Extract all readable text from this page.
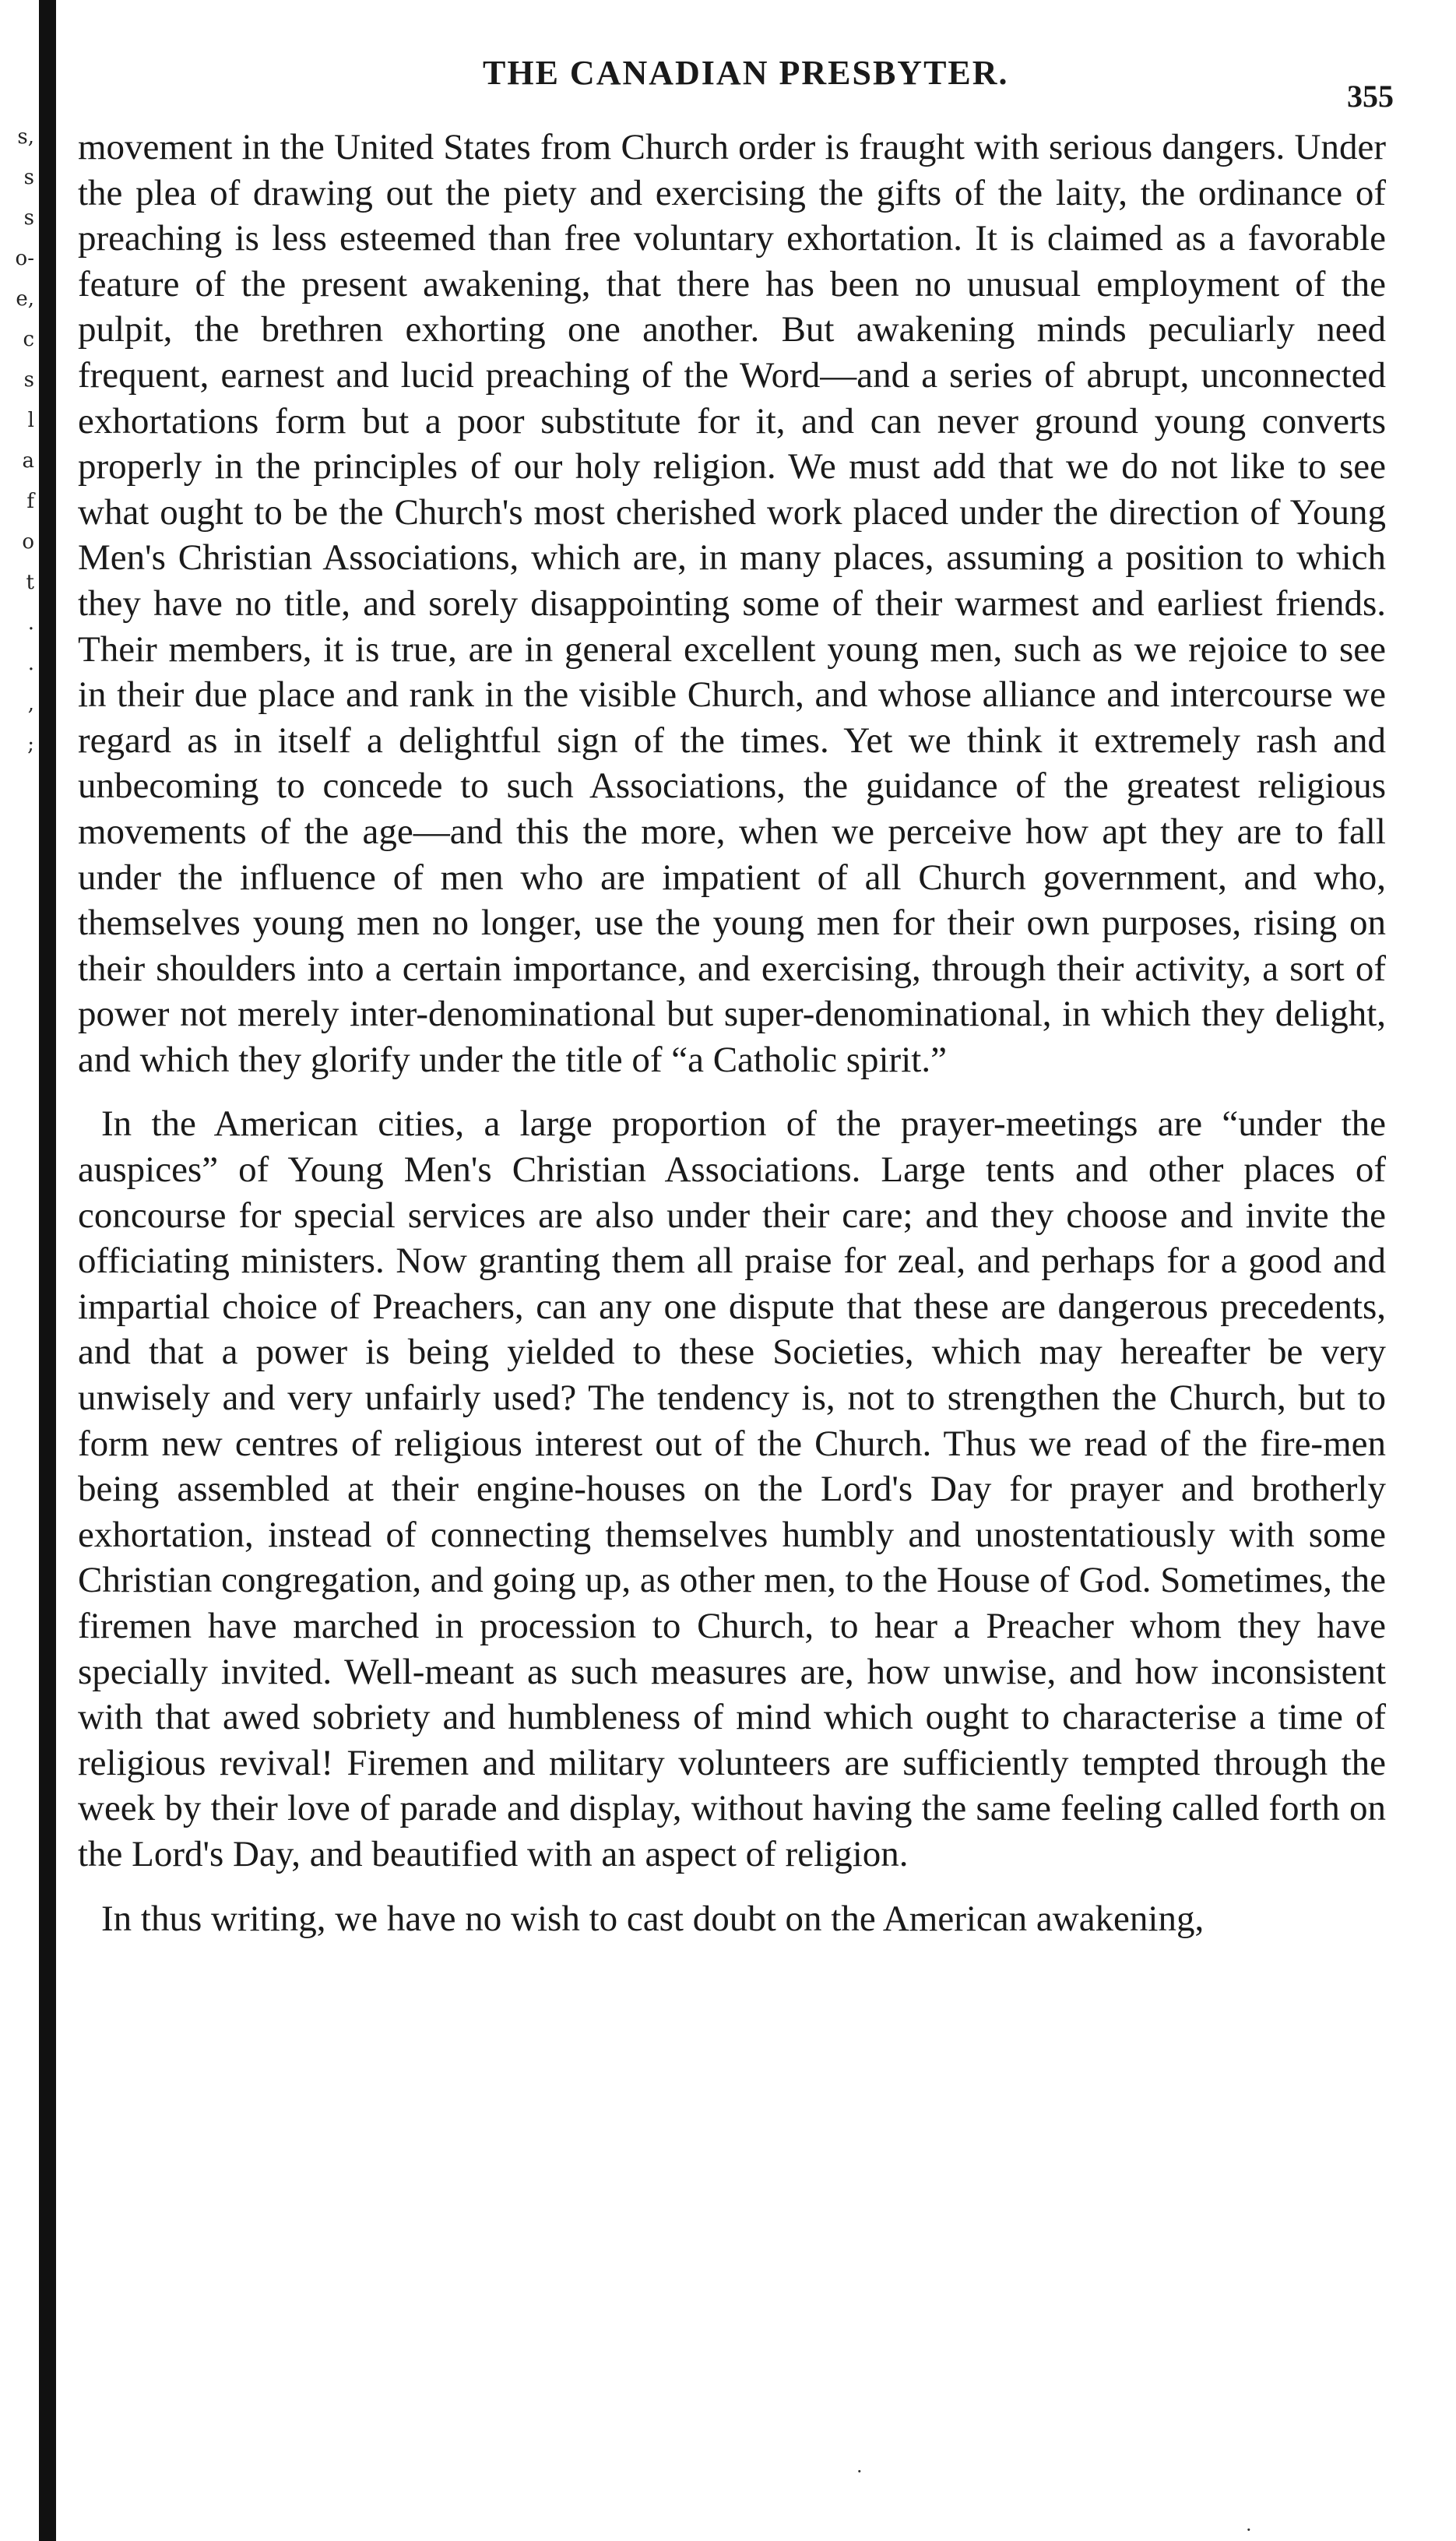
s,
s
s
o-
e,
c
s
l
a
f
o
t
.
.
,
;
THE CANADIAN PRESBYTER.
355

movement in the United States from Church order is fraught with serious dangers. Under the plea of drawing out the piety and exercising the gifts of the laity, the ordinance of preaching is less esteemed than free voluntary exhortation. It is claimed as a favorable feature of the present awakening, that there has been no unusual employment of the pulpit, the brethren exhorting one another. But awakening minds peculiarly need frequent, earnest and lucid preaching of the Word—and a series of abrupt, unconnected exhortations form but a poor substitute for it, and can never ground young converts properly in the principles of our holy religion. We must add that we do not like to see what ought to be the Church's most cherished work placed under the direction of Young Men's Christian Associations, which are, in many places, assuming a position to which they have no title, and sorely disappointing some of their warmest and earliest friends. Their members, it is true, are in general excellent young men, such as we rejoice to see in their due place and rank in the visible Church, and whose alliance and intercourse we regard as in itself a delightful sign of the times. Yet we think it extremely rash and unbecoming to concede to such Associations, the guidance of the greatest religious movements of the age—and this the more, when we perceive how apt they are to fall under the influence of men who are impatient of all Church government, and who, themselves young men no longer, use the young men for their own purposes, rising on their shoulders into a certain importance, and exercising, through their activity, a sort of power not merely inter-denominational but super-denominational, in which they delight, and which they glorify under the title of “a Catholic spirit.”

In the American cities, a large proportion of the prayer-meetings are “under the auspices” of Young Men's Christian Associations. Large tents and other places of concourse for special services are also under their care; and they choose and invite the officiating ministers. Now granting them all praise for zeal, and perhaps for a good and impartial choice of Preachers, can any one dispute that these are dangerous precedents, and that a power is being yielded to these Societies, which may hereafter be very unwisely and very unfairly used? The tendency is, not to strengthen the Church, but to form new centres of religious interest out of the Church. Thus we read of the fire-men being assembled at their engine-houses on the Lord's Day for prayer and brotherly exhortation, instead of connecting themselves humbly and unostentatiously with some Christian congregation, and going up, as other men, to the House of God. Sometimes, the firemen have marched in procession to Church, to hear a Preacher whom they have specially invited. Well-meant as such measures are, how unwise, and how inconsistent with that awed sobriety and humbleness of mind which ought to characterise a time of religious revival! Firemen and military volunteers are sufficiently tempted through the week by their love of parade and display, without having the same feeling called forth on the Lord's Day, and beautified with an aspect of religion.

In thus writing, we have no wish to cast doubt on the American awakening,

·
·
